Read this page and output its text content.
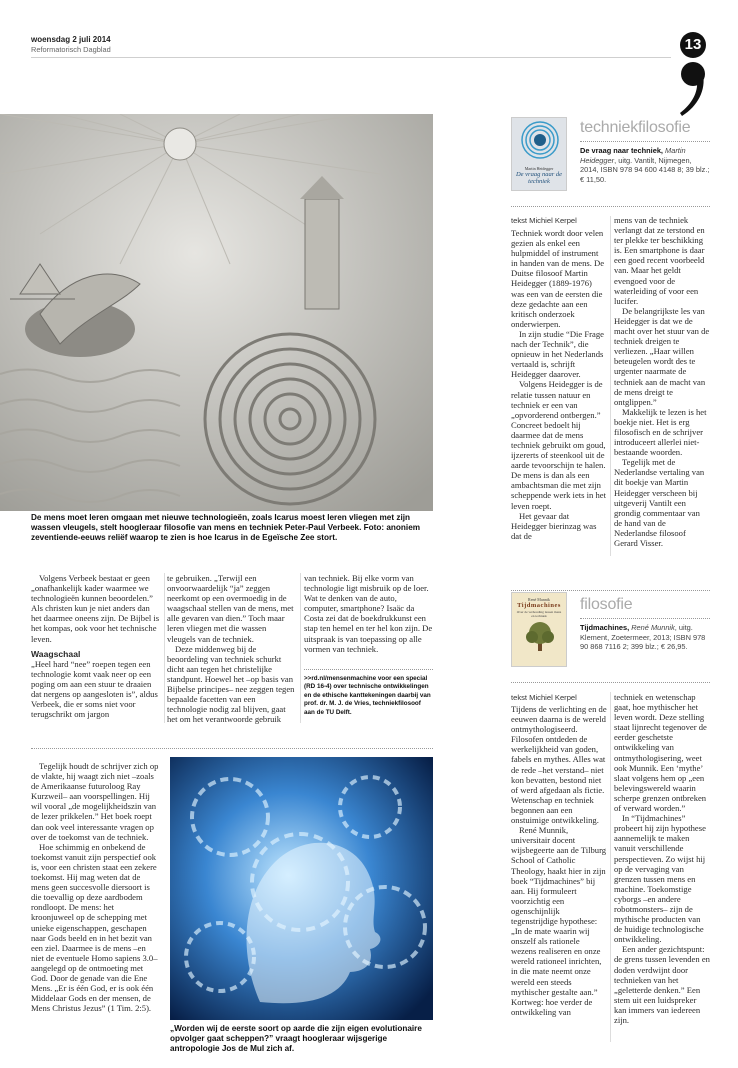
woensdag 2 juli 2014
Reformatorisch Dagblad	13
De mens moet leren omgaan met nieuwe technologieën, zoals Icarus moest leren vliegen met zijn wassen vleugels, stelt hoogleraar filosofie van mens en techniek Peter-Paul Verbeek. Foto: anoniem zeventiende-eeuws reliëf waarop te zien is hoe Icarus in de Egeïsche Zee stort.
Martin Heidegger
De vraag naar de techniek
techniekfilosofie
De vraag naar techniek, Martin Heidegger, uitg. Vantilt, Nijmegen, 2014, ISBN 978 94 600 4148 8; 39 blz.; € 11,50.
tekst Michiel Kerpel

Techniek wordt door velen gezien als enkel een hulpmiddel of instrument in handen van de mens. De Duitse filosoof Martin Heidegger (1889-1976) was een van de eersten die deze gedachte aan een kritisch onderzoek onderwierpen.

In zijn studie “Die Frage nach der Technik”, die opnieuw in het Nederlands vertaald is, schrijft Heidegger daarover.

Volgens Heidegger is de relatie tussen natuur en techniek er een van „opvorderend ontbergen.” Concreet bedoelt hij daarmee dat de mens techniek gebruikt om goud, ijzererts of steenkool uit de aarde tevoorschijn te halen. De mens is dan als een ambachtsman die met zijn scheppende werk iets in het leven roept.

Het gevaar dat Heidegger bierinzag was dat de

mens van de techniek verlangt dat ze terstond en ter plekke ter beschikking is. Een smartphone is daar een goed recent voorbeeld van. Maar het geldt evengoed voor de waterleiding of voor een lucifer.

De belangrijkste les van Heidegger is dat we de macht over het stuur van de techniek dreigen te verliezen. „Haar willen beteugelen wordt des te urgenter naarmate de techniek aan de macht van de mens dreigt te ontglippen.”

Makkelijk te lezen is het boekje niet. Het is erg filosofisch en de schrijver introduceert allerlei niet-bestaande woorden.

Tegelijk met de Nederlandse vertaling van dit boekje van Martin Heidegger verscheen bij uitgeverij Vantilt een grondig commentaar van de hand van de Nederlandse filosoof Gerard Visser.

René Munnik
Tijdmachines
Over de verhouding tussen mens en techniek
filosofie
Tijdmachines, René Munnik, uitg. Klement, Zoetermeer, 2013; ISBN 978 90 868 7116 2; 399 blz.; € 26,95.
tekst Michiel Kerpel

Tijdens de verlichting en de eeuwen daarna is de wereld ontmythologiseerd. Filosofen ontdeden de werkelijkheid van goden, fabels en mythes. Alles wat de rede –het verstand– niet kon bevatten, bestond niet of werd afgedaan als fictie. Wetenschap en techniek begonnen aan een onstuimige ontwikkeling.

René Munnik, universitair docent wijsbegeerte aan de Tilburg School of Catholic Theology, haakt hier in zijn boek “Tijdmachines” bij aan. Hij formuleert voorzichtig een ogenschijnlijk tegenstrijdige hypothese: „In de mate waarin wij onszelf als rationele wezens realiseren en onze wereld rationeel inrichten, in die mate neemt onze wereld een steeds mythischer gestalte aan.” Kortweg: hoe verder de ontwikkeling van

techniek en wetenschap gaat, hoe mythischer het leven wordt. Deze stelling staat lijnrecht tegenover de eerder geschetste ontwikkeling van ontmythologisering, weet ook Munnik. Een ‘mythe’ slaat volgens hem op „een belevingswereld waarin scherpe grenzen ontbreken of verward worden.”

In “Tijdmachines” probeert hij zijn hypothese aannemelijk te maken vanuit verschillende perspectieven. Zo wijst hij op de vervaging van grenzen tussen mens en machine. Toekomstige cyborgs –en andere robotmonsters– zijn de mythische producten van de huidige technologische ontwikkeling.

Een ander gezichtspunt: de grens tussen levenden en doden verdwijnt door technieken van het „geletterde denken.” Een stem uit een luidspreker kan immers van iedereen zijn.

Volgens Verbeek bestaat er geen „onafhankelijk kader waarmee we technologieën kunnen beoordelen.” Als christen kun je niet anders dan het daarmee oneens zijn. De Bijbel is het kompas, ook voor het technische leven.

Waagschaal

„Heel hard “nee” roepen tegen een technologie komt vaak neer op een poging om aan een stuur te draaien dat nergens op aangesloten is”, aldus Verbeek, die er soms niet voor terugschrikt om jargon

te gebruiken. „Terwijl een onvoorwaardelijk “ja” zeggen neerkomt op een overmoedig in de waagschaal stellen van de mens, met alle gevaren van dien.” Toch maar leren vliegen met die wassen vleugels van de techniek.

Deze middenweg bij de beoordeling van techniek schurkt dicht aan tegen het christelijke standpunt. Hoewel het –op basis van Bijbelse principes– nee zeggen tegen bepaalde facetten van een technologie nodig zal blijven, gaat het om het verantwoorde gebruik

van techniek. Bij elke vorm van technologie ligt misbruik op de loer. Wat te denken van de auto, computer, smartphone? Isaäc da Costa zei dat de boekdrukkunst een stap ten hemel en ter hel kon zijn. De uitspraak is van toepassing op alle vormen van techniek.

>>rd.nl/mensenmachine voor een special (RD 16-4) over technische ontwikkelingen en de ethische kanttekeningen daarbij van prof. dr. M. J. de Vries, techniekfilosoof aan de TU Delft.

Tegelijk houdt de schrijver zich op de vlakte, hij waagt zich niet –zoals de Amerikaanse futuroloog Ray Kurzweil– aan voorspellingen. Hij wil vooral „de mogelijkheidszin van de lezer prikkelen.” Het boek roept dan ook veel interessante vragen op over de toekomst van de techniek.

Hoe schimmig en onbekend de toekomst vanuit zijn perspectief ook is, voor een christen staat een zekere toekomst. Hij mag weten dat de mens geen succesvolle diersoort is die toevallig op deze aardbodem rondloopt. De mens: het kroonjuweel op de schepping met unieke eigenschappen, geschapen naar Gods beeld en in het bezit van een ziel. Daarmee is de mens –en niet de eventuele Homo sapiens 3.0– aangelegd op de ontmoeting met God. Door de genade van die Ene Mens. „Er is één God, er is ook één Middelaar Gods en der mensen, de Mens Christus Jezus” (1 Tim. 2:5).

„Worden wij de eerste soort op aarde die zijn eigen evolutionaire opvolger gaat scheppen?” vraagt hoogleraar wijsgerige antropologie Jos de Mul zich af.
